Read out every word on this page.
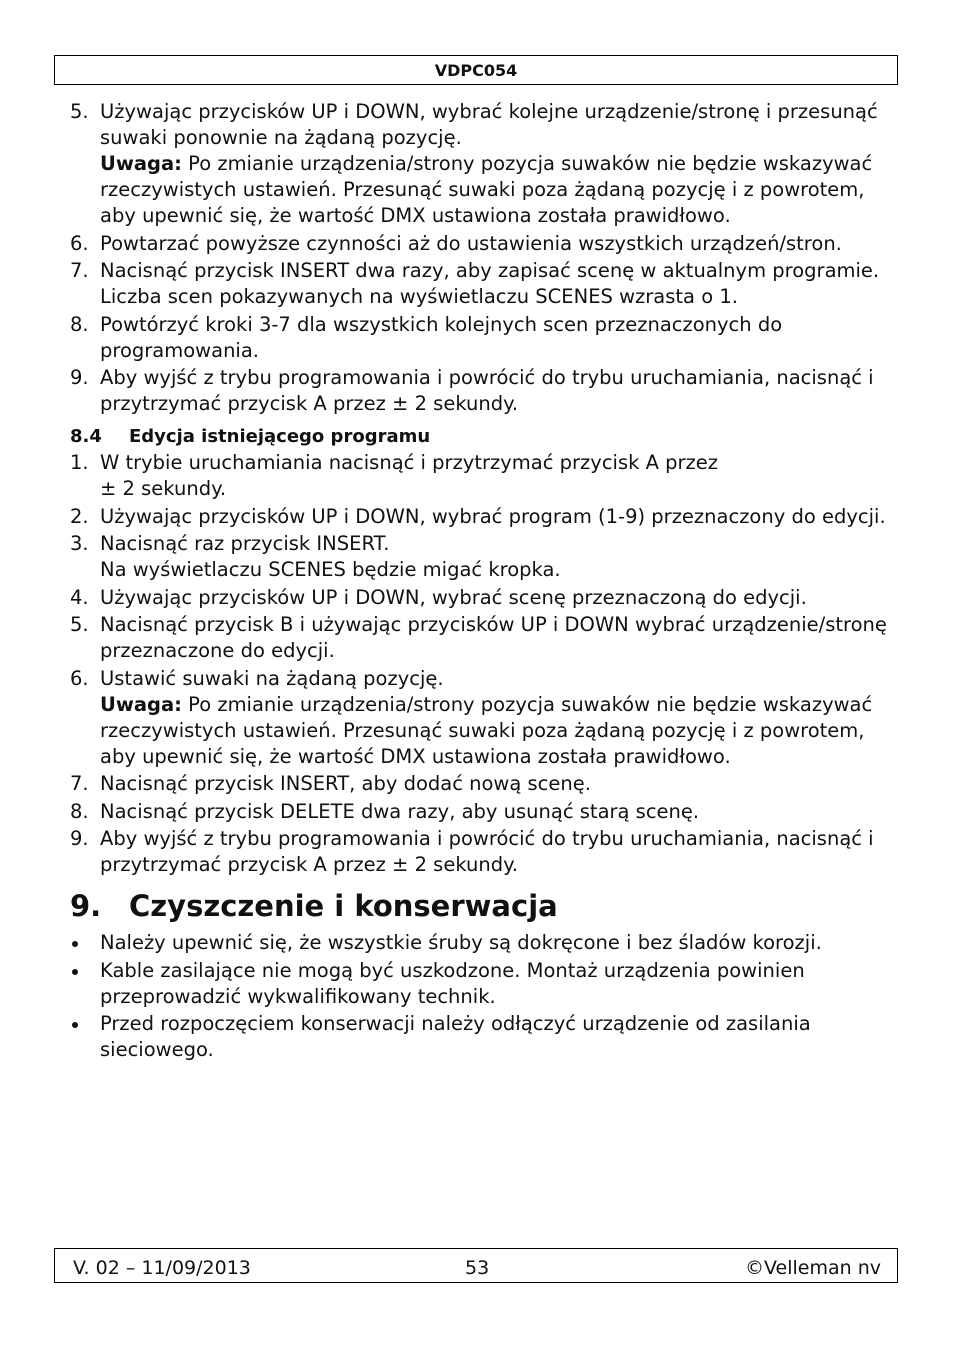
VDPC054
5. Używając przycisków UP i DOWN, wybrać kolejne urządzenie/stronę i przesunąć suwaki ponownie na żądaną pozycję.
Uwaga: Po zmianie urządzenia/strony pozycja suwaków nie będzie wskazywać rzeczywistych ustawień. Przesunąć suwaki poza żądaną pozycję i z powrotem, aby upewnić się, że wartość DMX ustawiona została prawidłowo.
6. Powtarzać powyższe czynności aż do ustawienia wszystkich urządzeń/stron.
7. Nacisnąć przycisk INSERT dwa razy, aby zapisać scenę w aktualnym programie.
Liczba scen pokazywanych na wyświetlaczu SCENES wzrasta o 1.
8. Powtórzyć kroki 3-7 dla wszystkich kolejnych scen przeznaczonych do programowania.
9. Aby wyjść z trybu programowania i powrócić do trybu uruchamiania, nacisnąć i przytrzymać przycisk A przez ± 2 sekundy.
8.4 Edycja istniejącego programu
1. W trybie uruchamiania nacisnąć i przytrzymać przycisk A przez
± 2 sekundy.
2. Używając przycisków UP i DOWN, wybrać program (1-9) przeznaczony do edycji.
3. Nacisnąć raz przycisk INSERT.
Na wyświetlaczu SCENES będzie migać kropka.
4. Używając przycisków UP i DOWN, wybrać scenę przeznaczoną do edycji.
5. Nacisnąć przycisk B i używając przycisków UP i DOWN wybrać urządzenie/stronę przeznaczone do edycji.
6. Ustawić suwaki na żądaną pozycję.
Uwaga: Po zmianie urządzenia/strony pozycja suwaków nie będzie wskazywać rzeczywistych ustawień. Przesunąć suwaki poza żądaną pozycję i z powrotem, aby upewnić się, że wartość DMX ustawiona została prawidłowo.
7. Nacisnąć przycisk INSERT, aby dodać nową scenę.
8. Nacisnąć przycisk DELETE dwa razy, aby usunąć starą scenę.
9. Aby wyjść z trybu programowania i powrócić do trybu uruchamiania, nacisnąć i przytrzymać przycisk A przez ± 2 sekundy.
9. Czyszczenie i konserwacja
Należy upewnić się, że wszystkie śruby są dokręcone i bez śladów korozji.
Kable zasilające nie mogą być uszkodzone. Montaż urządzenia powinien przeprowadzić wykwalifikowany technik.
Przed rozpoczęciem konserwacji należy odłączyć urządzenie od zasilania sieciowego.
V. 02 – 11/09/2013	53	©Velleman nv
